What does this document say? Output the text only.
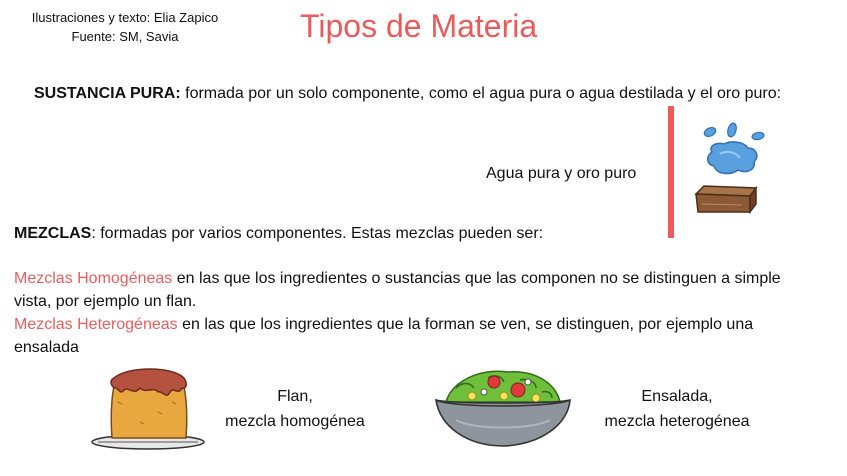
Ilustraciones y texto: Elia Zapico
Fuente: SM, Savia	Tipos de Materia
SUSTANCIA PURA: formada por un solo componente, como el agua pura o agua destilada y el oro puro:
Agua pura y oro puro
MEZCLAS: formadas por varios componentes. Estas mezclas pueden ser:
Mezclas Homogéneas en las que los ingredientes o sustancias que las componen no se distinguen a simple
vista, por ejemplo un flan.
Mezclas Heterogéneas en las que los ingredientes que la forman se ven, se distinguen, por ejemplo una
ensalada
Flan,
mezcla homogénea
Ensalada,
mezcla heterogénea
